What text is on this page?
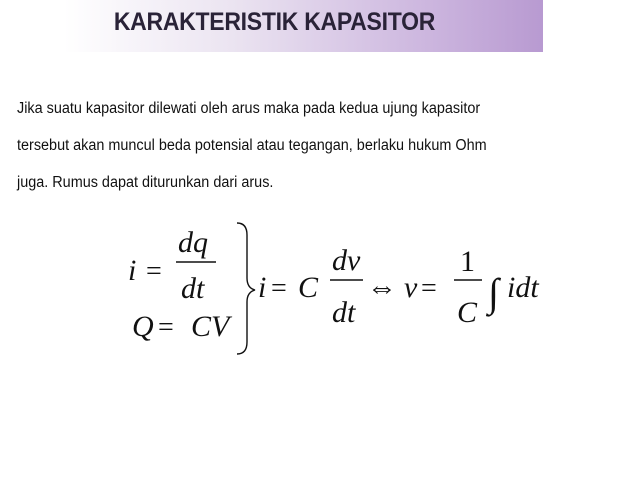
KARAKTERISTIK KAPASITOR
Jika suatu kapasitor dilewati oleh arus maka pada kedua ujung kapasitor
tersebut akan muncul beda potensial atau tegangan, berlaku hukum Ohm
juga. Rumus dapat diturunkan dari arus.
i =
dq
dt
Q = CV
i = C
dv
dt
⇔ v =
1
C ∫ idt
